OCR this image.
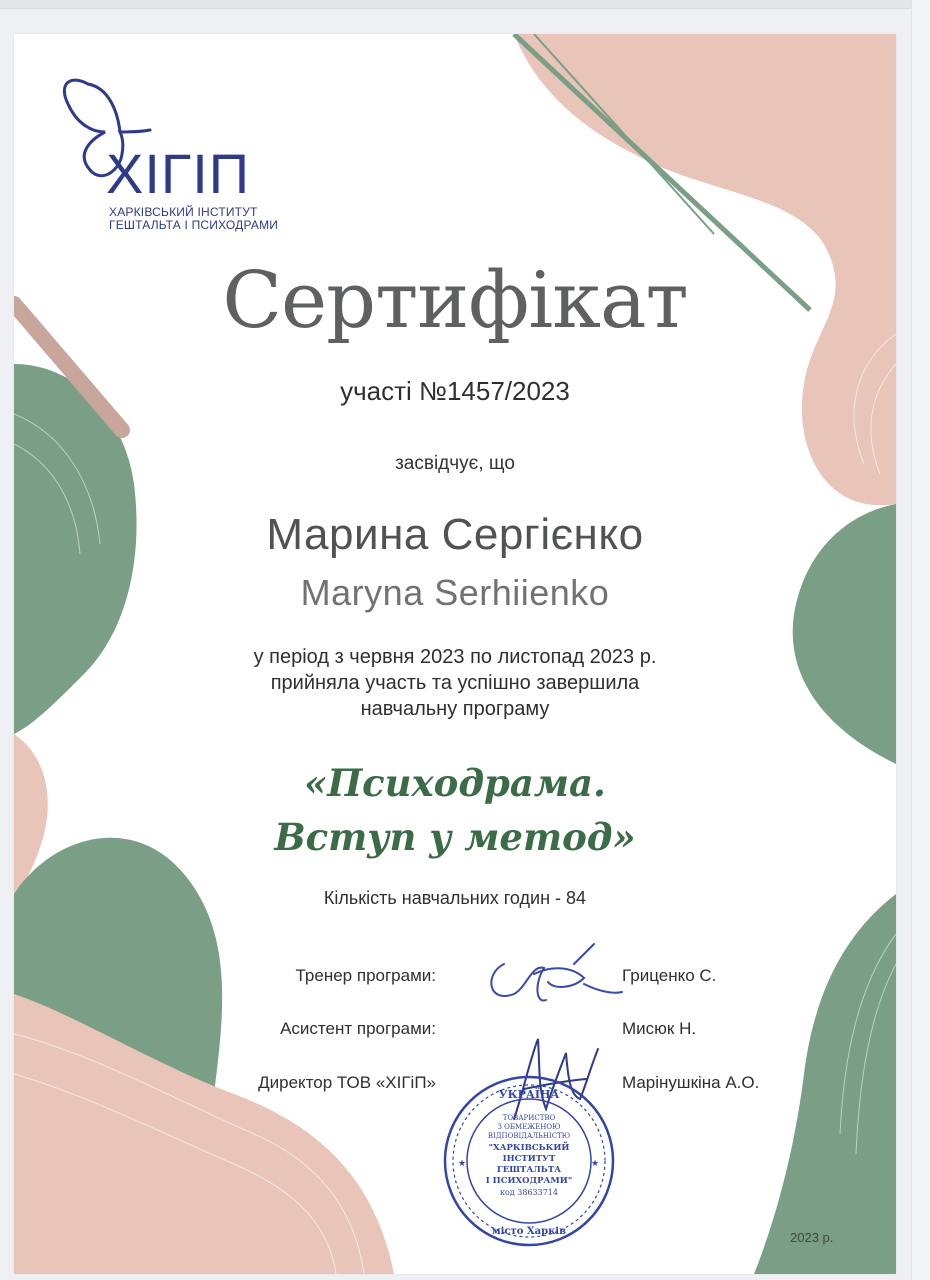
ХІГІП
ХАРКІВСЬКИЙ ІНСТИТУТ
ГЕШТАЛЬТА І ПСИХОДРАМИ
Сертифікат
участі №1457/2023
засвідчує, що
Марина Сергієнко
Maryna Serhiienko
у період з червня 2023 по листопад 2023 р.
прийняла участь та успішно завершила
навчальну програму
«Психодрама.
Вступ у метод»
Кількість навчальних годин - 84
Тренер програми:	Гриценко С.
Асистент програми:	Мисюк Н.
Директор ТОВ «ХІГіП»	Марінушкіна А.О.
УКРАЇНА
ТОВАРИСТВО
З ОБМЕЖЕНОЮ
ВІДПОВІДАЛЬНІСТЮ
"ХАРКІВСЬКИЙ
ІНСТИТУТ
ГЕШТАЛЬТА
І ПСИХОДРАМИ"
код 38633714
місто Харків
★	★
2023 р.
